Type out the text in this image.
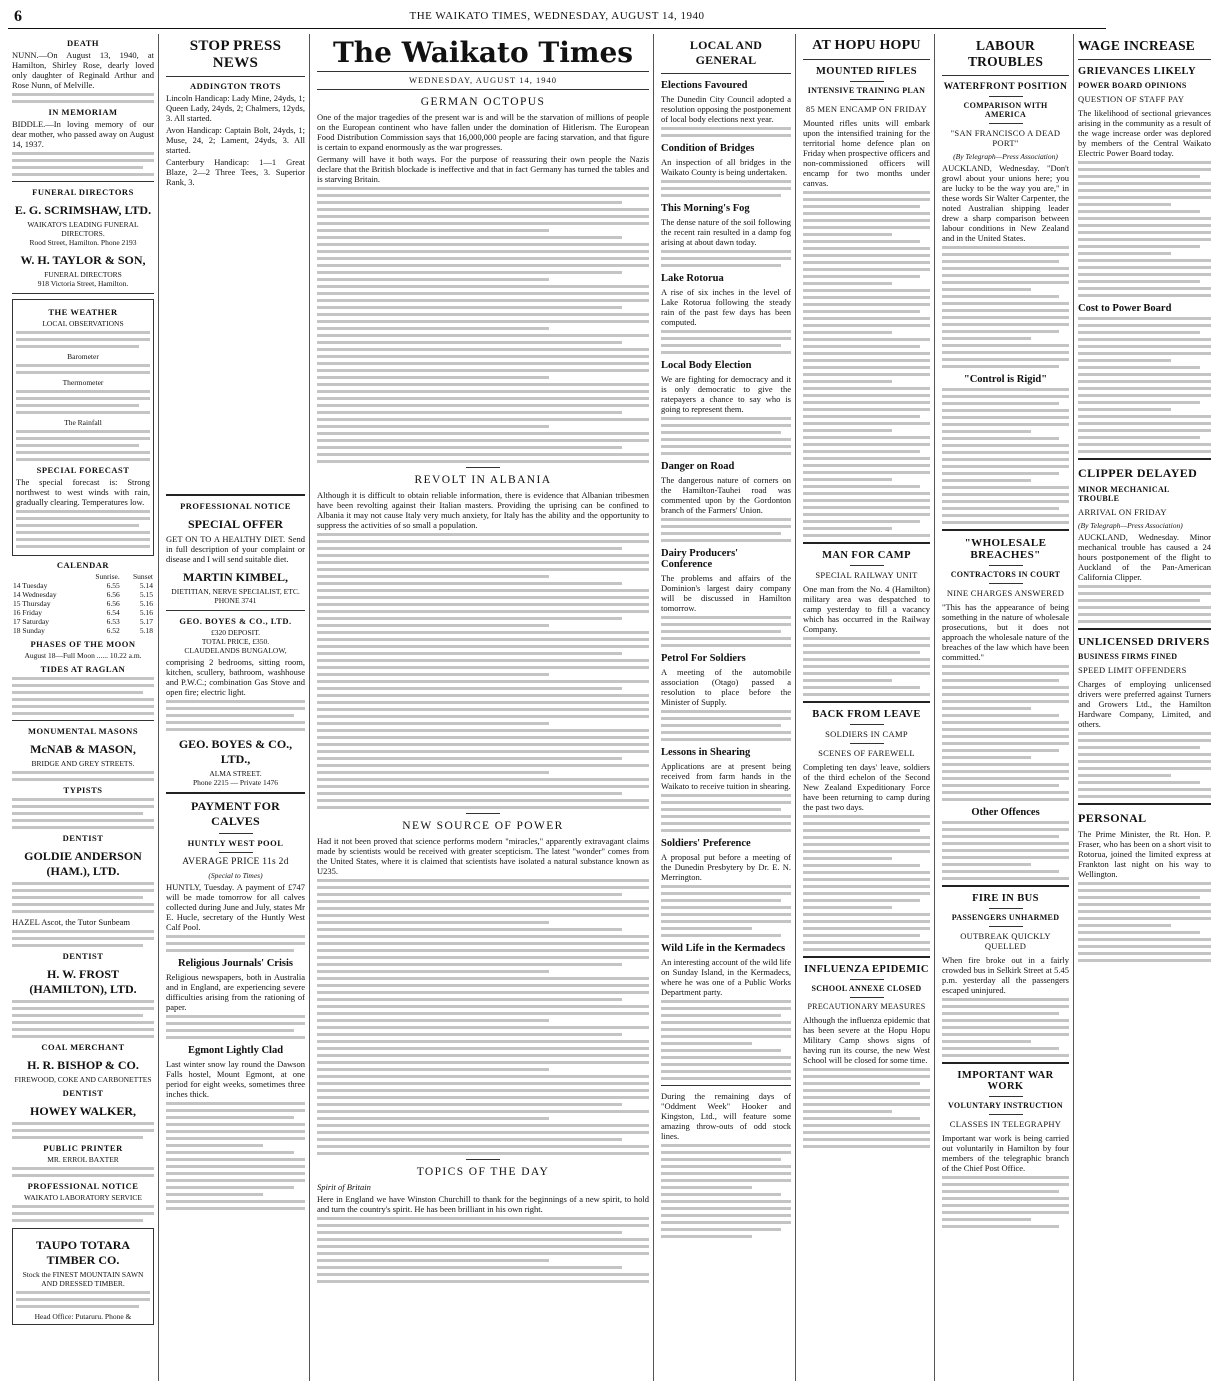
6	THE WAIKATO TIMES, WEDNESDAY, AUGUST 14, 1940
DEATH
NUNN.—On August 13, 1940, at Hamilton, Shirley Rose, dearly loved only daughter of Reginald Arthur and Rose Nunn, of Melville.
IN MEMORIAM
BIDDLE.—In loving memory of our dear mother, who passed away on August 14, 1937.
FUNERAL DIRECTORS
E. G. SCRIMSHAW, LTD.
WAIKATO'S LEADING FUNERAL DIRECTORS.
Rood Street, Hamilton. Phone 2193
W. H. TAYLOR & SON,
FUNERAL DIRECTORS
918 Victoria Street, Hamilton.
THE WEATHER
LOCAL OBSERVATIONS
Barometer
Thermometer
The Rainfall
SPECIAL FORECAST
The special forecast is: Strong northwest to west winds with rain, gradually clearing. Temperatures low.
CALENDAR
	Sunrise.	Sunset
14 Tuesday	6.55	5.14
14 Wednesday	6.56	5.15
15 Thursday	6.56	5.16
16 Friday	6.54	5.16
17 Saturday	6.53	5.17
18 Sunday	6.52	5.18
PHASES OF THE MOON
August 18—Full Moon ...... 10.22 a.m.
TIDES AT RAGLAN
MONUMENTAL MASONS
McNAB & MASON,
BRIDGE AND GREY STREETS.
TYPISTS
DENTIST
GOLDIE ANDERSON (HAM.), LTD.
HAZEL Ascot, the Tutor Sunbeam
DENTIST
H. W. FROST (HAMILTON), LTD.
COAL MERCHANT
H. R. BISHOP & CO.
FIREWOOD, COKE AND CARBONETTES
DENTIST
HOWEY WALKER,
PUBLIC PRINTER
MR. ERROL BAXTER
PROFESSIONAL NOTICE
WAIKATO LABORATORY SERVICE
TAUPO TOTARA TIMBER CO.
Stock the FINEST MOUNTAIN SAWN AND DRESSED TIMBER.
Head Office: Putaruru. Phone &
STOP PRESS NEWS
ADDINGTON TROTS
Lincoln Handicap: Lady Mine, 24yds, 1; Queen Lady, 24yds, 2; Chalmers, 12yds, 3. All started.
Avon Handicap: Captain Bolt, 24yds, 1; Muse, 24, 2; Lament, 24yds, 3. All started.
Canterbury Handicap: 1—1 Great Blaze, 2—2 Three Tees, 3. Superior Rank, 3.
PROFESSIONAL NOTICE
SPECIAL OFFER
GET ON TO A HEALTHY DIET. Send in full description of your complaint or disease and I will send suitable diet.
MARTIN KIMBEL,
DIETITIAN, NERVE SPECIALIST, ETC.
PHONE 3741
GEO. BOYES & CO., LTD.
£320 DEPOSIT.
TOTAL PRICE, £350.
CLAUDELANDS BUNGALOW,
comprising 2 bedrooms, sitting room, kitchen, scullery, bathroom, washhouse and P.W.C.; combination Gas Stove and open fire; electric light.
GEO. BOYES & CO., LTD.,
ALMA STREET.
Phone 2215 — Private 1476
PAYMENT FOR CALVES
HUNTLY WEST POOL
AVERAGE PRICE 11s 2d
(Special to Times)
HUNTLY, Tuesday. A payment of £747 will be made tomorrow for all calves collected during June and July, states Mr E. Hucle, secretary of the Huntly West Calf Pool.
Religious Journals' Crisis
Religious newspapers, both in Australia and in England, are experiencing severe difficulties arising from the rationing of paper.
Egmont Lightly Clad
Last winter snow lay round the Dawson Falls hostel, Mount Egmont, at one period for eight weeks, sometimes three inches thick.
The Waikato Times
WEDNESDAY, AUGUST 14, 1940
GERMAN OCTOPUS
One of the major tragedies of the present war is and will be the starvation of millions of people on the European continent who have fallen under the domination of Hitlerism. The European Food Distribution Commission says that 16,000,000 people are facing starvation, and that figure is certain to expand enormously as the war progresses.
Germany will have it both ways. For the purpose of reassuring their own people the Nazis declare that the British blockade is ineffective and that in fact Germany has turned the tables and is starving Britain.
REVOLT IN ALBANIA
Although it is difficult to obtain reliable information, there is evidence that Albanian tribesmen have been revolting against their Italian masters. Providing the uprising can be confined to Albania it may not cause Italy very much anxiety, for Italy has the ability and the opportunity to suppress the activities of so small a population.
NEW SOURCE OF POWER
Had it not been proved that science performs modern "miracles," apparently extravagant claims made by scientists would be received with greater scepticism. The latest "wonder" comes from the United States, where it is claimed that scientists have isolated a natural substance known as U235.
TOPICS OF THE DAY
Spirit of Britain
Here in England we have Winston Churchill to thank for the beginnings of a new spirit, to hold and turn the country's spirit. He has been brilliant in his own right.
LOCAL AND GENERAL
Elections Favoured
The Dunedin City Council adopted a resolution opposing the postponement of local body elections next year.
Condition of Bridges
An inspection of all bridges in the Waikato County is being undertaken.
This Morning's Fog
The dense nature of the soil following the recent rain resulted in a damp fog arising at about dawn today.
Lake Rotorua
A rise of six inches in the level of Lake Rotorua following the steady rain of the past few days has been computed.
Local Body Election
We are fighting for democracy and it is only democratic to give the ratepayers a chance to say who is going to represent them.
Danger on Road
The dangerous nature of corners on the Hamilton-Tauhei road was commented upon by the Gordonton branch of the Farmers' Union.
Dairy Producers' Conference
The problems and affairs of the Dominion's largest dairy company will be discussed in Hamilton tomorrow.
Petrol For Soldiers
A meeting of the automobile association (Otago) passed a resolution to place before the Minister of Supply.
Lessons in Shearing
Applications are at present being received from farm hands in the Waikato to receive tuition in shearing.
Soldiers' Preference
A proposal put before a meeting of the Dunedin Presbytery by Dr. E. N. Merrington.
Wild Life in the Kermadecs
An interesting account of the wild life on Sunday Island, in the Kermadecs, where he was one of a Public Works Department party.
During the remaining days of "Oddment Week" Hooker and Kingston, Ltd., will feature some amazing throw-outs of odd stock lines.
AT HOPU HOPU
MOUNTED RIFLES
INTENSIVE TRAINING PLAN
85 MEN ENCAMP ON FRIDAY
Mounted rifles units will embark upon the intensified training for the territorial home defence plan on Friday when prospective officers and non-commissioned officers will encamp for two months under canvas.
MAN FOR CAMP
SPECIAL RAILWAY UNIT
One man from the No. 4 (Hamilton) military area was despatched to camp yesterday to fill a vacancy which has occurred in the Railway Company.
BACK FROM LEAVE
SOLDIERS IN CAMP
SCENES OF FAREWELL
Completing ten days' leave, soldiers of the third echelon of the Second New Zealand Expeditionary Force have been returning to camp during the past two days.
INFLUENZA EPIDEMIC
SCHOOL ANNEXE CLOSED
PRECAUTIONARY MEASURES
Although the influenza epidemic that has been severe at the Hopu Hopu Military Camp shows signs of having run its course, the new West School will be closed for some time.
LABOUR TROUBLES
WATERFRONT POSITION
COMPARISON WITH AMERICA
"SAN FRANCISCO A DEAD PORT"
(By Telegraph—Press Association)
AUCKLAND, Wednesday. "Don't growl about your unions here; you are lucky to be the way you are," in these words Sir Walter Carpenter, the noted Australian shipping leader drew a sharp comparison between labour conditions in New Zealand and in the United States.
"Control is Rigid"
"WHOLESALE BREACHES"
CONTRACTORS IN COURT
NINE CHARGES ANSWERED
"This has the appearance of being something in the nature of wholesale prosecutions, but it does not approach the wholesale nature of the breaches of the law which have been committed."
Other Offences
FIRE IN BUS
PASSENGERS UNHARMED
OUTBREAK QUICKLY QUELLED
When fire broke out in a fairly crowded bus in Selkirk Street at 5.45 p.m. yesterday all the passengers escaped uninjured.
IMPORTANT WAR WORK
VOLUNTARY INSTRUCTION
CLASSES IN TELEGRAPHY
Important war work is being carried out voluntarily in Hamilton by four members of the telegraphic branch of the Chief Post Office.
WAGE INCREASE
GRIEVANCES LIKELY
POWER BOARD OPINIONS
QUESTION OF STAFF PAY
The likelihood of sectional grievances arising in the community as a result of the wage increase order was deplored by members of the Central Waikato Electric Power Board today.
Cost to Power Board
CLIPPER DELAYED
MINOR MECHANICAL TROUBLE
ARRIVAL ON FRIDAY
(By Telegraph—Press Association)
AUCKLAND, Wednesday. Minor mechanical trouble has caused a 24 hours postponement of the flight to Auckland of the Pan-American California Clipper.
UNLICENSED DRIVERS
BUSINESS FIRMS FINED
SPEED LIMIT OFFENDERS
Charges of employing unlicensed drivers were preferred against Turners and Growers Ltd., the Hamilton Hardware Company, Limited, and others.
PERSONAL
The Prime Minister, the Rt. Hon. P. Fraser, who has been on a short visit to Rotorua, joined the limited express at Frankton last night on his way to Wellington.
